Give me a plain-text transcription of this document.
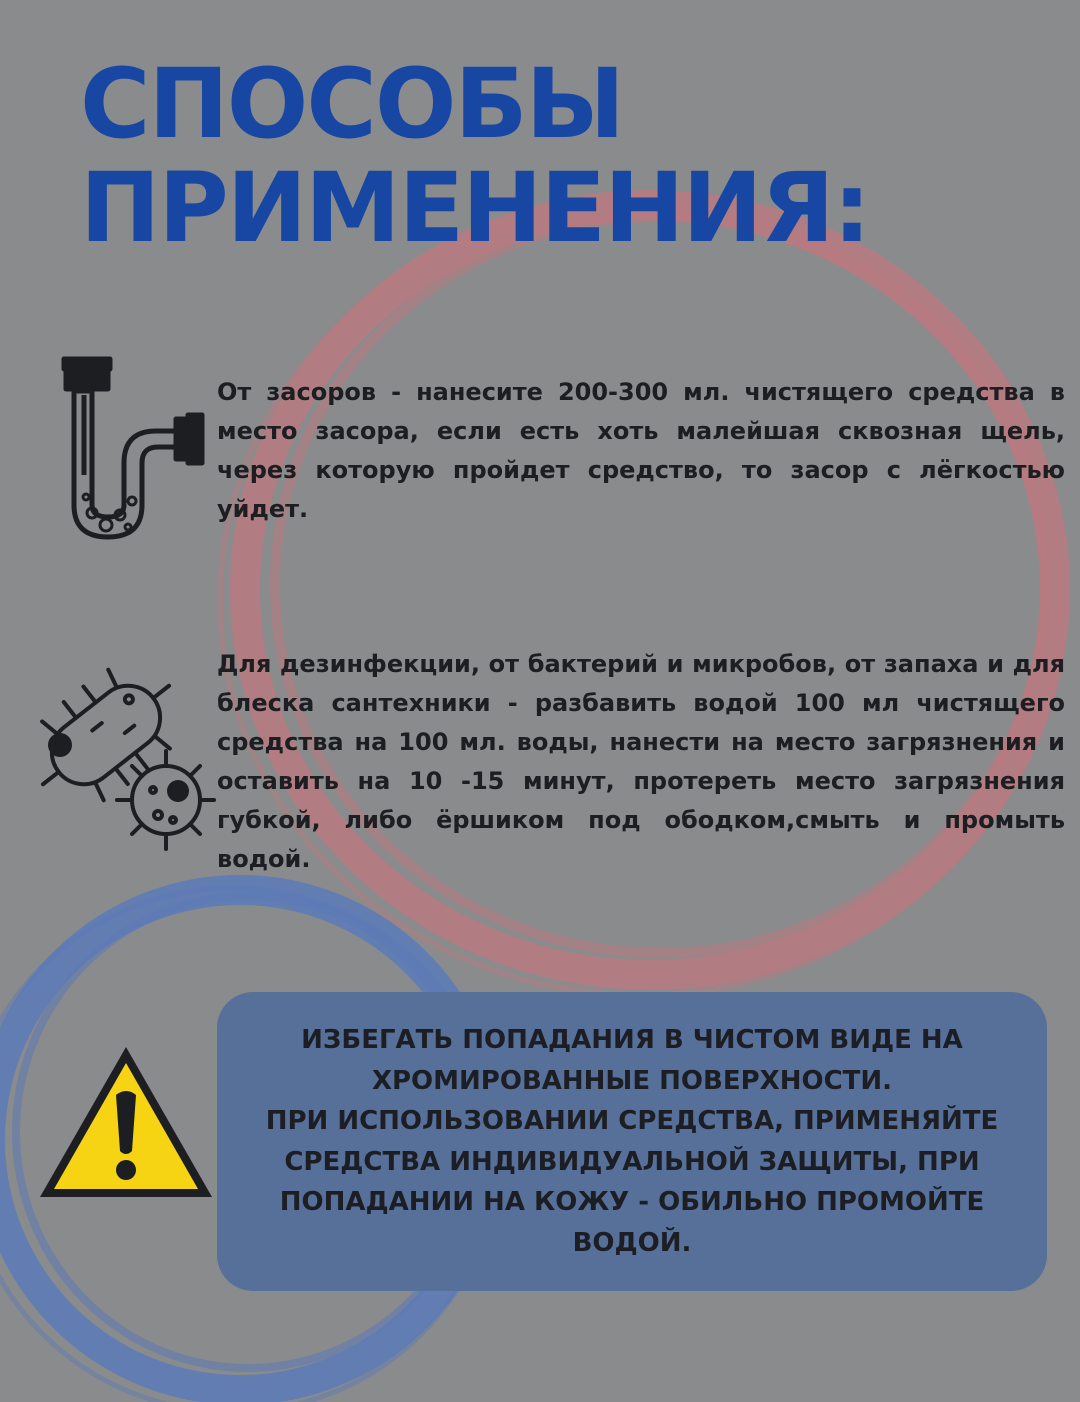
СПОСОБЫ
ПРИМЕНЕНИЯ:

От засоров - нанесите 200-300 мл. чистящего средства в место засора, если есть хоть малейшая сквозная щель, через которую пройдет средство, то засор с лёгкостью уйдет.

Для дезинфекции, от бактерий и микробов, от запаха и для блеска сантехники - разбавить водой 100 мл чистящего средства на 100 мл. воды, нанести на место загрязнения и оставить на 10 -15 минут, протереть место загрязнения губкой, либо ёршиком под ободком,смыть и промыть водой.

ИЗБЕГАТЬ ПОПАДАНИЯ В ЧИСТОМ ВИДЕ НА
ХРОМИРОВАННЫЕ ПОВЕРХНОСТИ.
ПРИ ИСПОЛЬЗОВАНИИ СРЕДСТВА, ПРИМЕНЯЙТЕ
СРЕДСТВА ИНДИВИДУАЛЬНОЙ ЗАЩИТЫ, ПРИ
ПОПАДАНИИ НА КОЖУ - ОБИЛЬНО ПРОМОЙТЕ
ВОДОЙ.
